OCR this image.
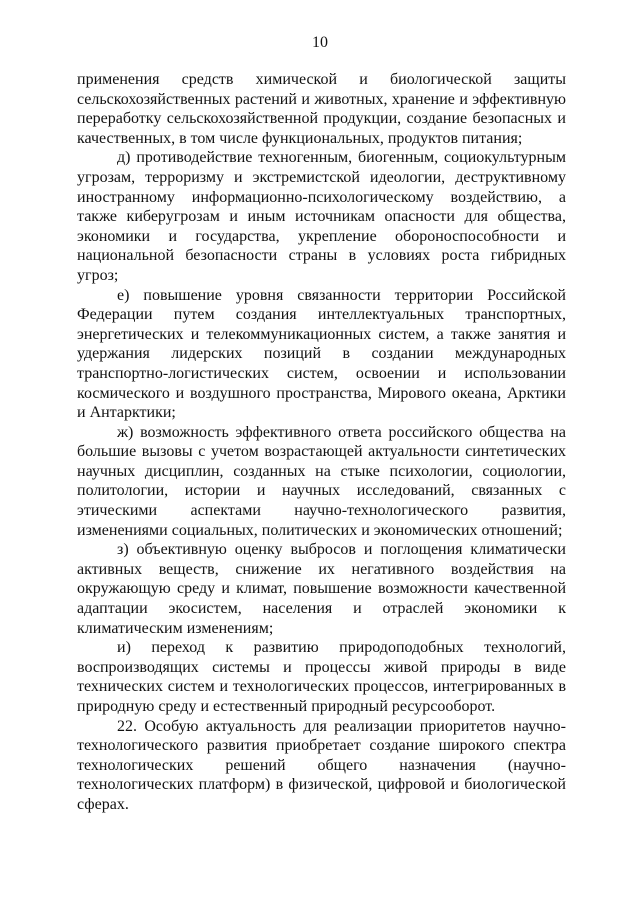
10

применения средств химической и биологической защиты сельскохозяйственных растений и животных, хранение и эффективную переработку сельскохозяйственной продукции, создание безопасных и качественных, в том числе функциональных, продуктов питания;

д) противодействие техногенным, биогенным, социокультурным угрозам, терроризму и экстремистской идеологии, деструктивному иностранному информационно-психологическому воздействию, а также киберугрозам и иным источникам опасности для общества, экономики и государства, укрепление обороноспособности и национальной безопасности страны в условиях роста гибридных угроз;

е) повышение уровня связанности территории Российской Федерации путем создания интеллектуальных транспортных, энергетических и телекоммуникационных систем, а также занятия и удержания лидерских позиций в создании международных транспортно-логистических систем, освоении и использовании космического и воздушного пространства, Мирового океана, Арктики и Антарктики;

ж) возможность эффективного ответа российского общества на большие вызовы с учетом возрастающей актуальности синтетических научных дисциплин, созданных на стыке психологии, социологии, политологии, истории и научных исследований, связанных с этическими аспектами научно-технологического развития, изменениями социальных, политических и экономических отношений;

з) объективную оценку выбросов и поглощения климатически активных веществ, снижение их негативного воздействия на окружающую среду и климат, повышение возможности качественной адаптации экосистем, населения и отраслей экономики к климатическим изменениям;

и) переход к развитию природоподобных технологий, воспроизводящих системы и процессы живой природы в виде технических систем и технологических процессов, интегрированных в природную среду и естественный природный ресурсооборот.

22. Особую актуальность для реализации приоритетов научно-технологического развития приобретает создание широкого спектра технологических решений общего назначения (научно-технологических платформ) в физической, цифровой и биологической сферах.
